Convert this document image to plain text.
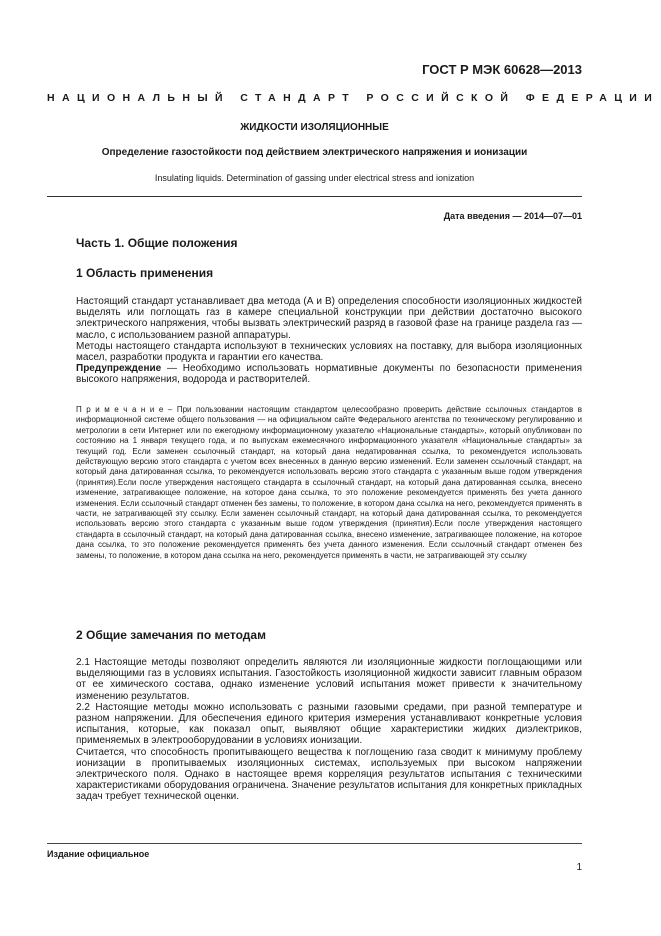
ГОСТ Р МЭК 60628—2013
НАЦИОНАЛЬНЫЙ СТАНДАРТ РОССИЙСКОЙ ФЕДЕРАЦИИ
ЖИДКОСТИ ИЗОЛЯЦИОННЫЕ
Определение газостойкости под действием электрического напряжения и ионизации
Insulating liquids. Determination of gassing under electrical stress and ionization
Дата введения — 2014—07—01
Часть 1. Общие положения
1 Область применения

Настоящий стандарт устанавливает два метода (А и В) определения способности изоляционных жидкостей выделять или поглощать газ в камере специальной конструкции при действии достаточно высокого электрического напряжения, чтобы вызвать электрический разряд в газовой фазе на границе раздела газ — масло, с использованием разной аппаратуры.

Методы настоящего стандарта используют в технических условиях на поставку, для выбора изоляционных масел, разработки продукта и гарантии его качества.

Предупреждение — Необходимо использовать нормативные документы по безопасности применения высокого напряжения, водорода и растворителей.

П р и м е ч а н и е – При пользовании настоящим стандартом целесообразно проверить действие ссылочных стандартов в информационной системе общего пользования — на официальном сайте Федерального агентства по техническому регулированию и метрологии в сети Интернет или по ежегодному информационному указателю «Национальные стандарты», который опубликован по состоянию на 1 января текущего года, и по выпускам ежемесячного информационного указателя «Национальные стандарты» за текущий год. Если заменен ссылочный стандарт, на который дана недатированная ссылка, то рекомендуется использовать действующую версию этого стандарта с учетом всех внесенных в данную версию изменений. Если заменен ссылочный стандарт, на который дана датированная ссылка, то рекомендуется использовать версию этого стандарта с указанным выше годом утверждения (принятия).Если после утверждения настоящего стандарта в ссылочный стандарт, на который дана датированная ссылка, внесено изменение, затрагивающее положение, на которое дана ссылка, то это положение рекомендуется применять без учета данного изменения. Если ссылочный стандарт отменен без замены, то положение, в котором дана ссылка на него, рекомендуется применять в части, не затрагивающей эту ссылку. Если заменен ссылочный стандарт, на который дана датированная ссылка, то рекомендуется использовать версию этого стандарта с указанным выше годом утверждения (принятия).Если после утверждения настоящего стандарта в ссылочный стандарт, на который дана датированная ссылка, внесено изменение, затрагивающее положение, на которое дана ссылка, то это положение рекомендуется применять без учета данного изменения. Если ссылочный стандарт отменен без замены, то положение, в котором дана ссылка на него, рекомендуется применять в части, не затрагивающей эту ссылку

2 Общие замечания по методам

2.1 Настоящие методы позволяют определить являются ли изоляционные жидкости поглощающими или выделяющими газ в условиях испытания. Газостойкость изоляционной жидкости зависит главным образом от ее химического состава, однако изменение условий испытания может привести к значительному изменению результатов.

2.2 Настоящие методы можно использовать с разными газовыми средами, при разной температуре и разном напряжении. Для обеспечения единого критерия измерения устанавливают конкретные условия испытания, которые, как показал опыт, выявляют общие характеристики жидких диэлектриков, применяемых в электрооборудовании в условиях ионизации.

Считается, что способность пропитывающего вещества к поглощению газа сводит к минимуму проблему ионизации в пропитываемых изоляционных системах, используемых при высоком напряжении электрического поля. Однако в настоящее время корреляция результатов испытания с техническими характеристиками оборудования ограничена. Значение результатов испытания для конкретных прикладных задач требует технической оценки.

Издание официальное
1
